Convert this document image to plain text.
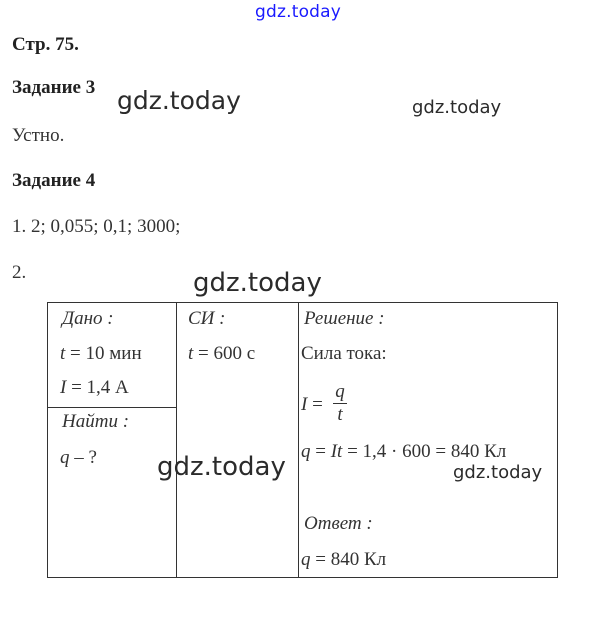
gdz.today
gdz.today	gdz.today
gdz.today
Стр. 75.
Задание 3
Устно.
Задание 4
1. 2; 0,055; 0,1; 3000;
2.
Дано :
t = 10 мин
I = 1,4 А
Найти :
q – ?
СИ :
t = 600 с
Решение :
Сила тока:
I =
q
t
q = It = 1,4 · 600 = 840 Кл
Ответ :
q = 840 Кл
gdz.today	gdz.today
